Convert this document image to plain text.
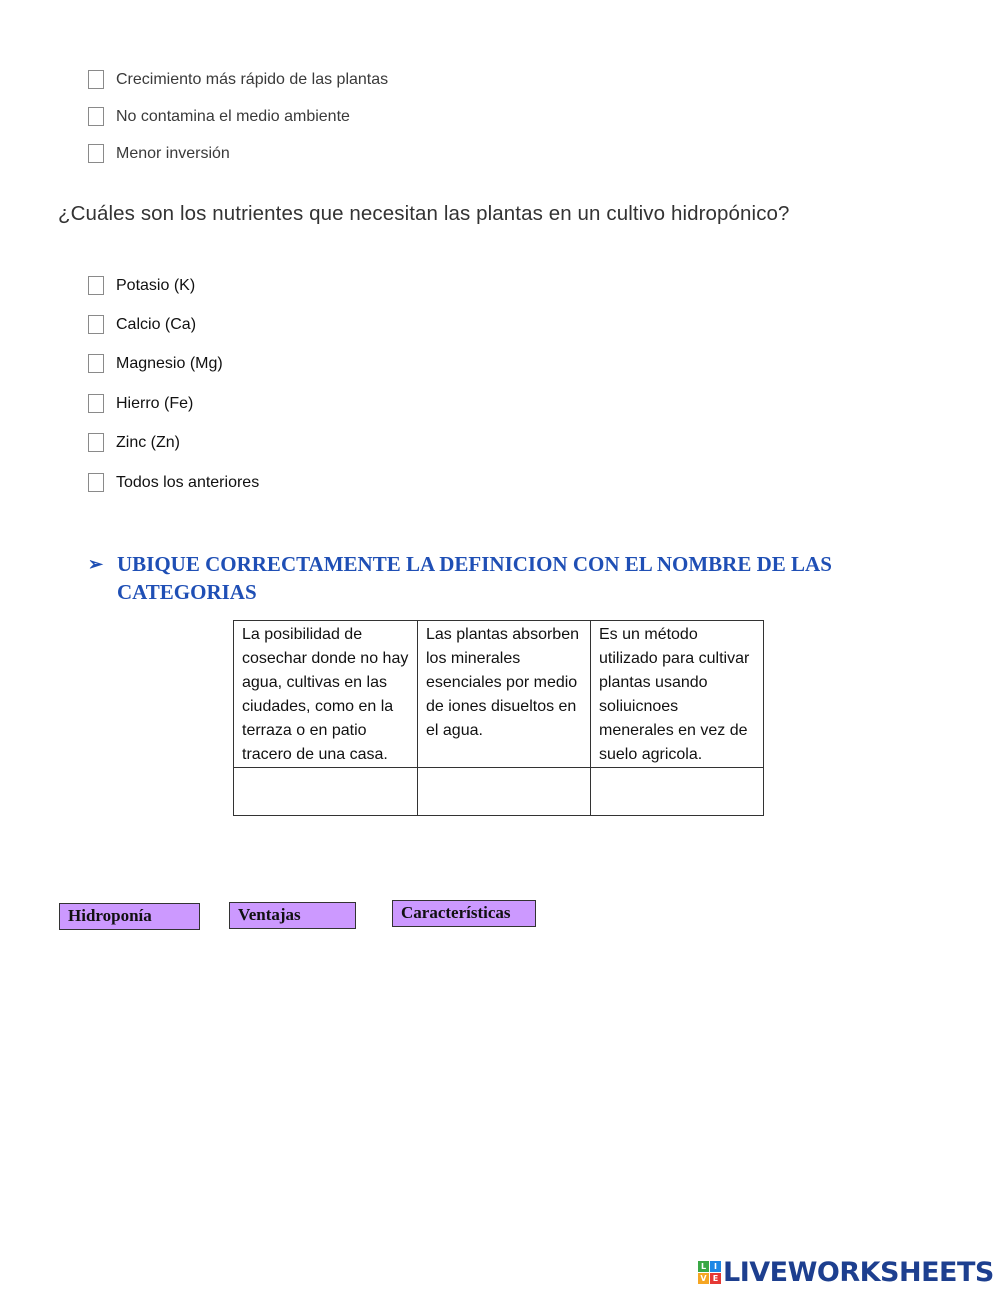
Crecimiento más rápido de las plantas
No contamina el medio ambiente
Menor inversión
¿Cuáles son los nutrientes que necesitan las plantas en un cultivo hidropónico?
Potasio (K)
Calcio (Ca)
Magnesio (Mg)
Hierro (Fe)
Zinc (Zn)
Todos los anteriores
➢ UBIQUE CORRECTAMENTE LA DEFINICION CON EL NOMBRE DE LAS CATEGORIAS
La posibilidad de cosechar donde no hay agua, cultivas en las ciudades, como en la terraza o en patio tracero de una casa.	Las plantas absorben los minerales esenciales por medio de iones disueltos en el agua.	Es un método utilizado para cultivar plantas usando soliuicnoes menerales en vez de suelo agricola.

Hidroponía	Ventajas	Características
L I
V E LIVEWORKSHEETS
